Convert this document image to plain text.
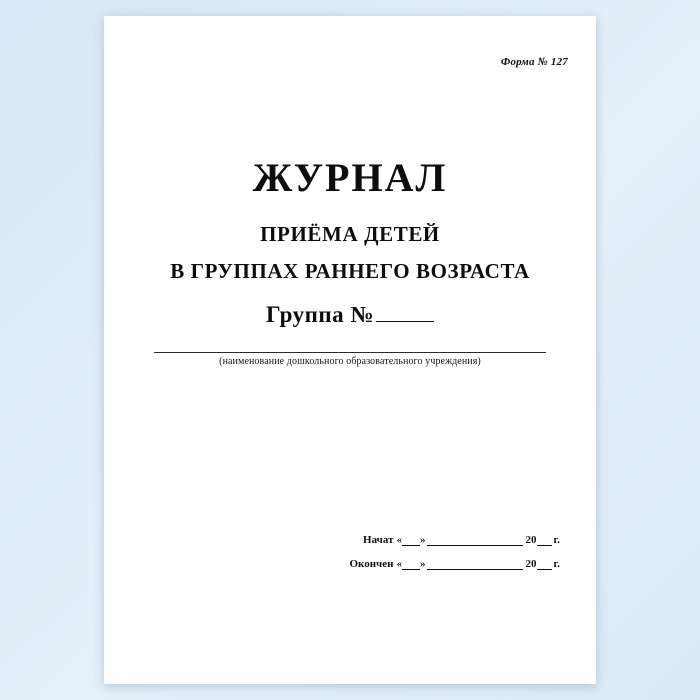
Форма № 127
ЖУРНАЛ
ПРИЁМА ДЕТЕЙ
В ГРУППАХ РАННЕГО ВОЗРАСТА
Группа №
(наименование дошкольного образовательного учреждения)
Начат « »	20 г.
Окончен « »	20 г.
